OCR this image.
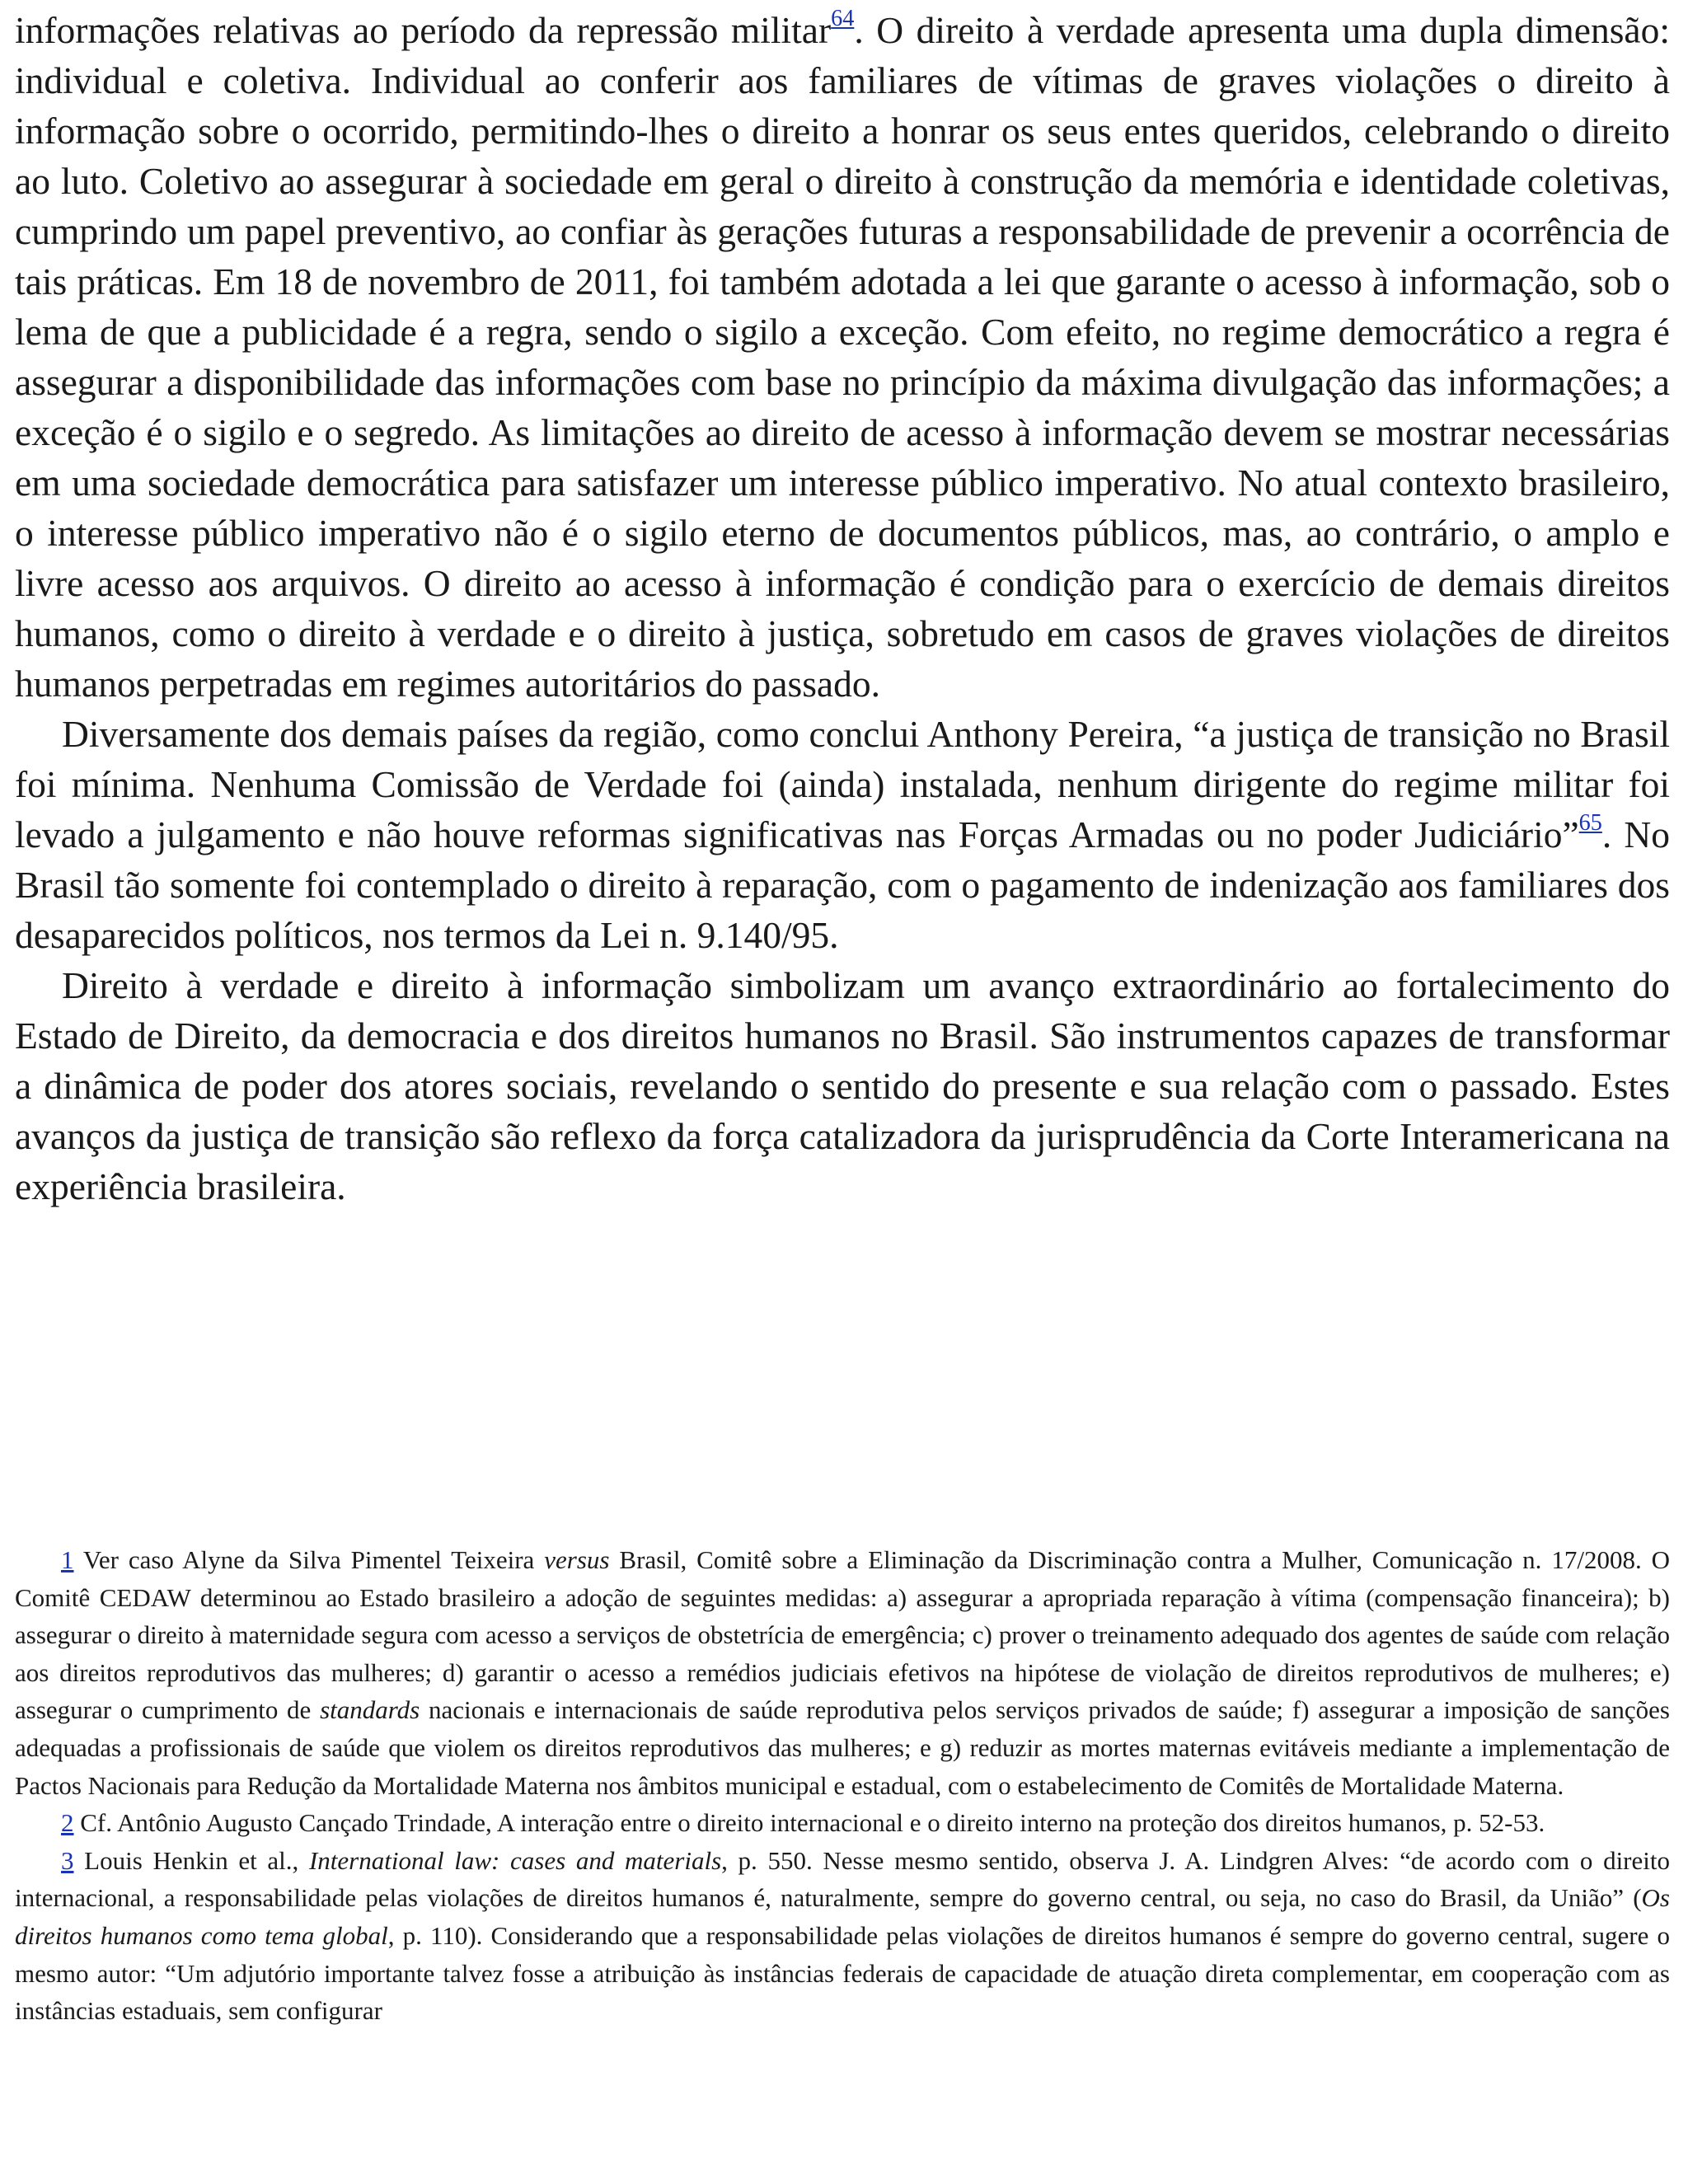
informações relativas ao período da repressão militar$^{64}$. O direito à verdade apresenta uma dupla dimensão: individual e coletiva. Individual ao conferir aos familiares de vítimas de graves violações o direito à informação sobre o ocorrido, permitindo-lhes o direito a honrar os seus entes queridos, celebrando o direito ao luto. Coletivo ao assegurar à sociedade em geral o direito à construção da memória e identidade coletivas, cumprindo um papel preventivo, ao confiar às gerações futuras a responsabilidade de prevenir a ocorrência de tais práticas. Em 18 de novembro de 2011, foi também adotada a lei que garante o acesso à informação, sob o lema de que a publicidade é a regra, sendo o sigilo a exceção. Com efeito, no regime democrático a regra é assegurar a disponibilidade das informações com base no princípio da máxima divulgação das informações; a exceção é o sigilo e o segredo. As limitações ao direito de acesso à informação devem se mostrar necessárias em uma sociedade democrática para satisfazer um interesse público imperativo. No atual contexto brasileiro, o interesse público imperativo não é o sigilo eterno de documentos públicos, mas, ao contrário, o amplo e livre acesso aos arquivos. O direito ao acesso à informação é condição para o exercício de demais direitos humanos, como o direito à verdade e o direito à justiça, sobretudo em casos de graves violações de direitos humanos perpetradas em regimes autoritários do passado.

Diversamente dos demais países da região, como conclui Anthony Pereira, “a justiça de transição no Brasil foi mínima. Nenhuma Comissão de Verdade foi (ainda) instalada, nenhum dirigente do regime militar foi levado a julgamento e não houve reformas significativas nas Forças Armadas ou no poder Judiciário”$^{65}$. No Brasil tão somente foi contemplado o direito à reparação, com o pagamento de indenização aos familiares dos desaparecidos políticos, nos termos da Lei n. 9.140/95.

Direito à verdade e direito à informação simbolizam um avanço extraordinário ao fortalecimento do Estado de Direito, da democracia e dos direitos humanos no Brasil. São instrumentos capazes de transformar a dinâmica de poder dos atores sociais, revelando o sentido do presente e sua relação com o passado. Estes avanços da justiça de transição são reflexo da força catalizadora da jurisprudência da Corte Interamericana na experiência brasileira.

1 Ver caso Alyne da Silva Pimentel Teixeira versus Brasil, Comitê sobre a Eliminação da Discriminação contra a Mulher, Comunicação n. 17/2008. O Comitê CEDAW determinou ao Estado brasileiro a adoção de seguintes medidas: a) assegurar a apropriada reparação à vítima (compensação financeira); b) assegurar o direito à maternidade segura com acesso a serviços de obstetrícia de emergência; c) prover o treinamento adequado dos agentes de saúde com relação aos direitos reprodutivos das mulheres; d) garantir o acesso a remédios judiciais efetivos na hipótese de violação de direitos reprodutivos de mulheres; e) assegurar o cumprimento de standards nacionais e internacionais de saúde reprodutiva pelos serviços privados de saúde; f) assegurar a imposição de sanções adequadas a profissionais de saúde que violem os direitos reprodutivos das mulheres; e g) reduzir as mortes maternas evitáveis mediante a implementação de Pactos Nacionais para Redução da Mortalidade Materna nos âmbitos municipal e estadual, com o estabelecimento de Comitês de Mortalidade Materna.

2 Cf. Antônio Augusto Cançado Trindade, A interação entre o direito internacional e o direito interno na proteção dos direitos humanos, p. 52-53.

3 Louis Henkin et al., International law: cases and materials, p. 550. Nesse mesmo sentido, observa J. A. Lindgren Alves: “de acordo com o direito internacional, a responsabilidade pelas violações de direitos humanos é, naturalmente, sempre do governo central, ou seja, no caso do Brasil, da União” (Os direitos humanos como tema global, p. 110). Considerando que a responsabilidade pelas violações de direitos humanos é sempre do governo central, sugere o mesmo autor: “Um adjutório importante talvez fosse a atribuição às instâncias federais de capacidade de atuação direta complementar, em cooperação com as instâncias estaduais, sem configurar
